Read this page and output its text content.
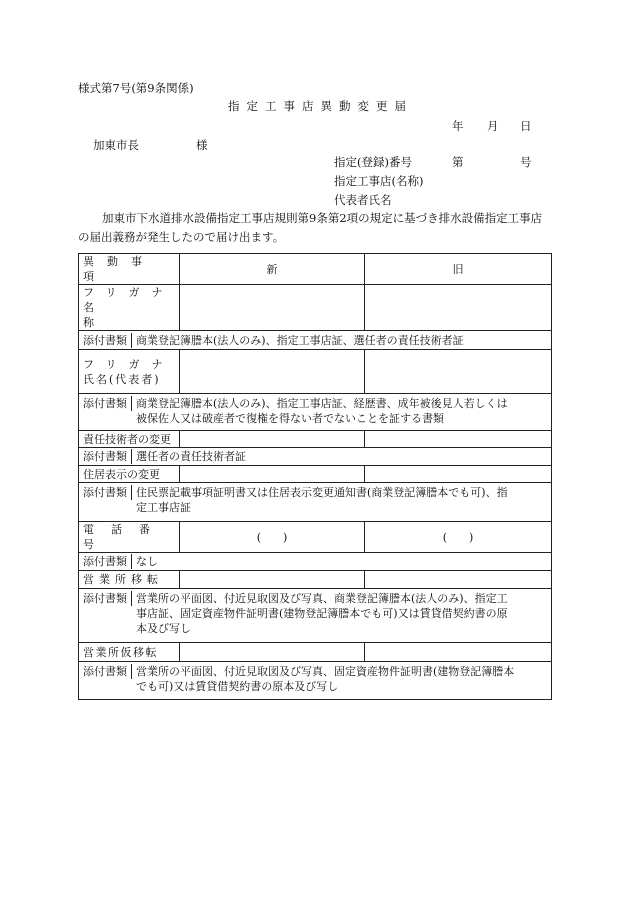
様式第7号(第9条関係)
指定工事店異動変更届
年 月 日
加東市長	様
指定(登録)番号	第	号
指定工事店(名称)
代表者氏名
加東市下水道排水設備指定工事店規則第9条第2項の規定に基づき排水設備指定工事店
の届出義務が発生したので届け出ます。
異動事項	新	旧

フリガナ
名称		

添付書類 商業登記簿謄本(法人のみ)、指定工事店証、選任者の責任技術者証		

フリガナ
氏名(代表者)		

添付書類 商業登記簿謄本(法人のみ)、指定工事店証、経歴書、成年被後見人若しくは
被保佐人又は破産者で復権を得ない者でないことを証する書類		

責任技術者の変更		
添付書類 選任者の責任技術者証		
住居表示の変更		

添付書類 住民票記載事項証明書又は住居表示変更通知書(商業登記簿謄本でも可)、指
定工事店証		

電話番号	(　　)	(　　)
添付書類 なし		
営業所移転		

添付書類 営業所の平面図、付近見取図及び写真、商業登記簿謄本(法人のみ)、指定工
事店証、固定資産物件証明書(建物登記簿謄本でも可)又は賃貸借契約書の原
本及び写し		

営業所仮移転		

添付書類 営業所の平面図、付近見取図及び写真、固定資産物件証明書(建物登記簿謄本
でも可)又は賃貸借契約書の原本及び写し		
